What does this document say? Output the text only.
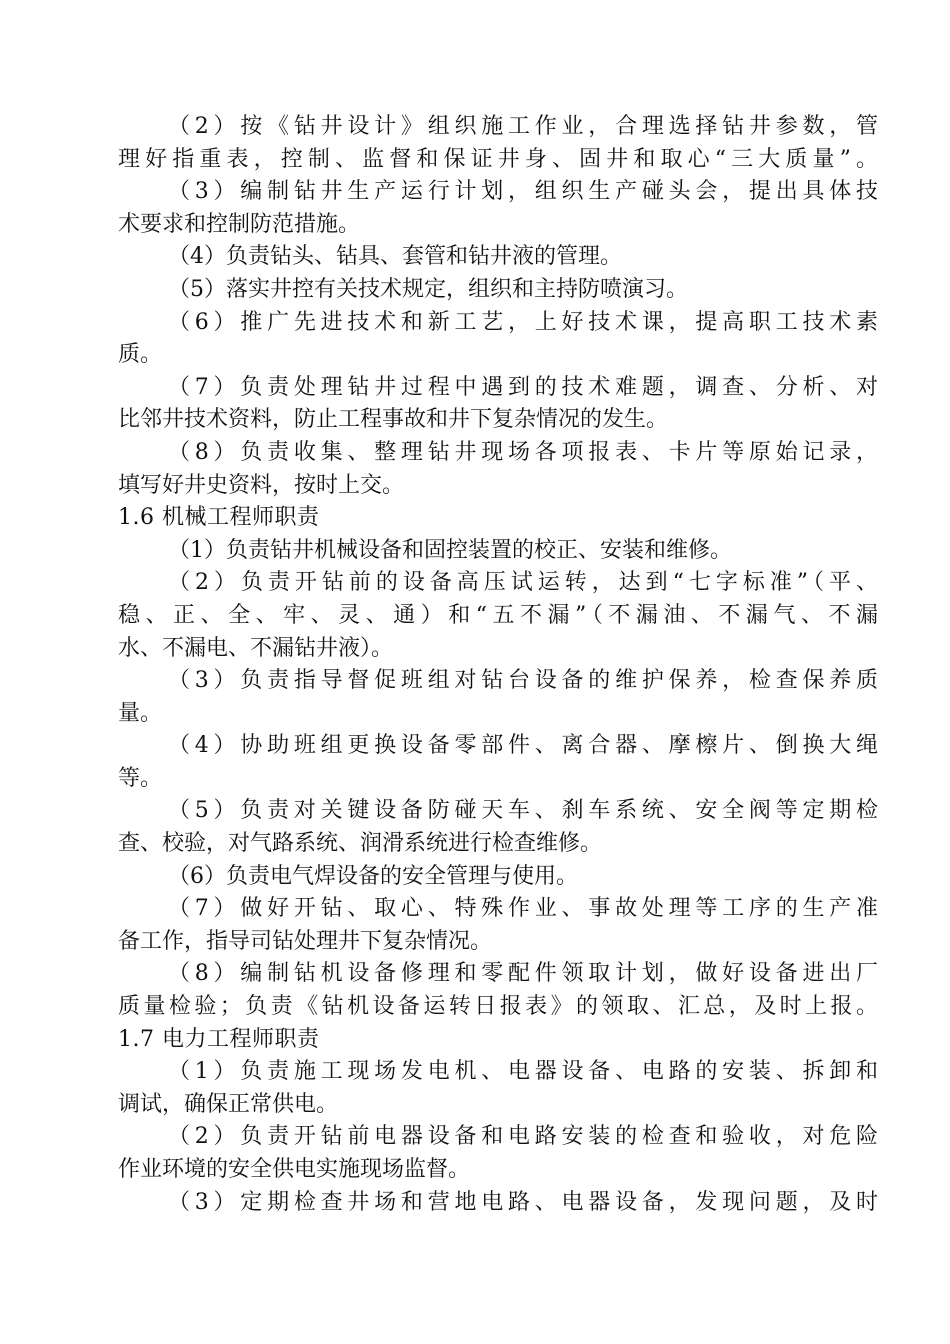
（2）按《钻井设计》组织施工作业，合理选择钻井参数，管
理好指重表，控制、监督和保证井身、固井和取心“三大质量”。
（3）编制钻井生产运行计划，组织生产碰头会，提出具体技
术要求和控制防范措施。
（4）负责钻头、钻具、套管和钻井液的管理。
（5）落实井控有关技术规定，组织和主持防喷演习。
（6）推广先进技术和新工艺，上好技术课，提高职工技术素
质。
（7）负责处理钻井过程中遇到的技术难题，调查、分析、对
比邻井技术资料，防止工程事故和井下复杂情况的发生。
（8）负责收集、整理钻井现场各项报表、卡片等原始记录，
填写好井史资料，按时上交。
1.6 机械工程师职责
（1）负责钻井机械设备和固控装置的校正、安装和维修。
（2）负责开钻前的设备高压试运转，达到“七字标准”（平、
稳、正、全、牢、灵、通）和“五不漏”（不漏油、不漏气、不漏
水、不漏电、不漏钻井液）。
（3）负责指导督促班组对钻台设备的维护保养，检查保养质
量。
（4）协助班组更换设备零部件、离合器、摩檫片、倒换大绳
等。
（5）负责对关键设备防碰天车、刹车系统、安全阀等定期检
查、校验，对气路系统、润滑系统进行检查维修。
（6）负责电气焊设备的安全管理与使用。
（7）做好开钻、取心、特殊作业、事故处理等工序的生产准
备工作，指导司钻处理井下复杂情况。
（8）编制钻机设备修理和零配件领取计划，做好设备进出厂
质量检验；负责《钻机设备运转日报表》的领取、汇总，及时上报。
1.7 电力工程师职责
（1）负责施工现场发电机、电器设备、电路的安装、拆卸和
调试，确保正常供电。
（2）负责开钻前电器设备和电路安装的检查和验收，对危险
作业环境的安全供电实施现场监督。
（3）定期检查井场和营地电路、电器设备，发现问题，及时
